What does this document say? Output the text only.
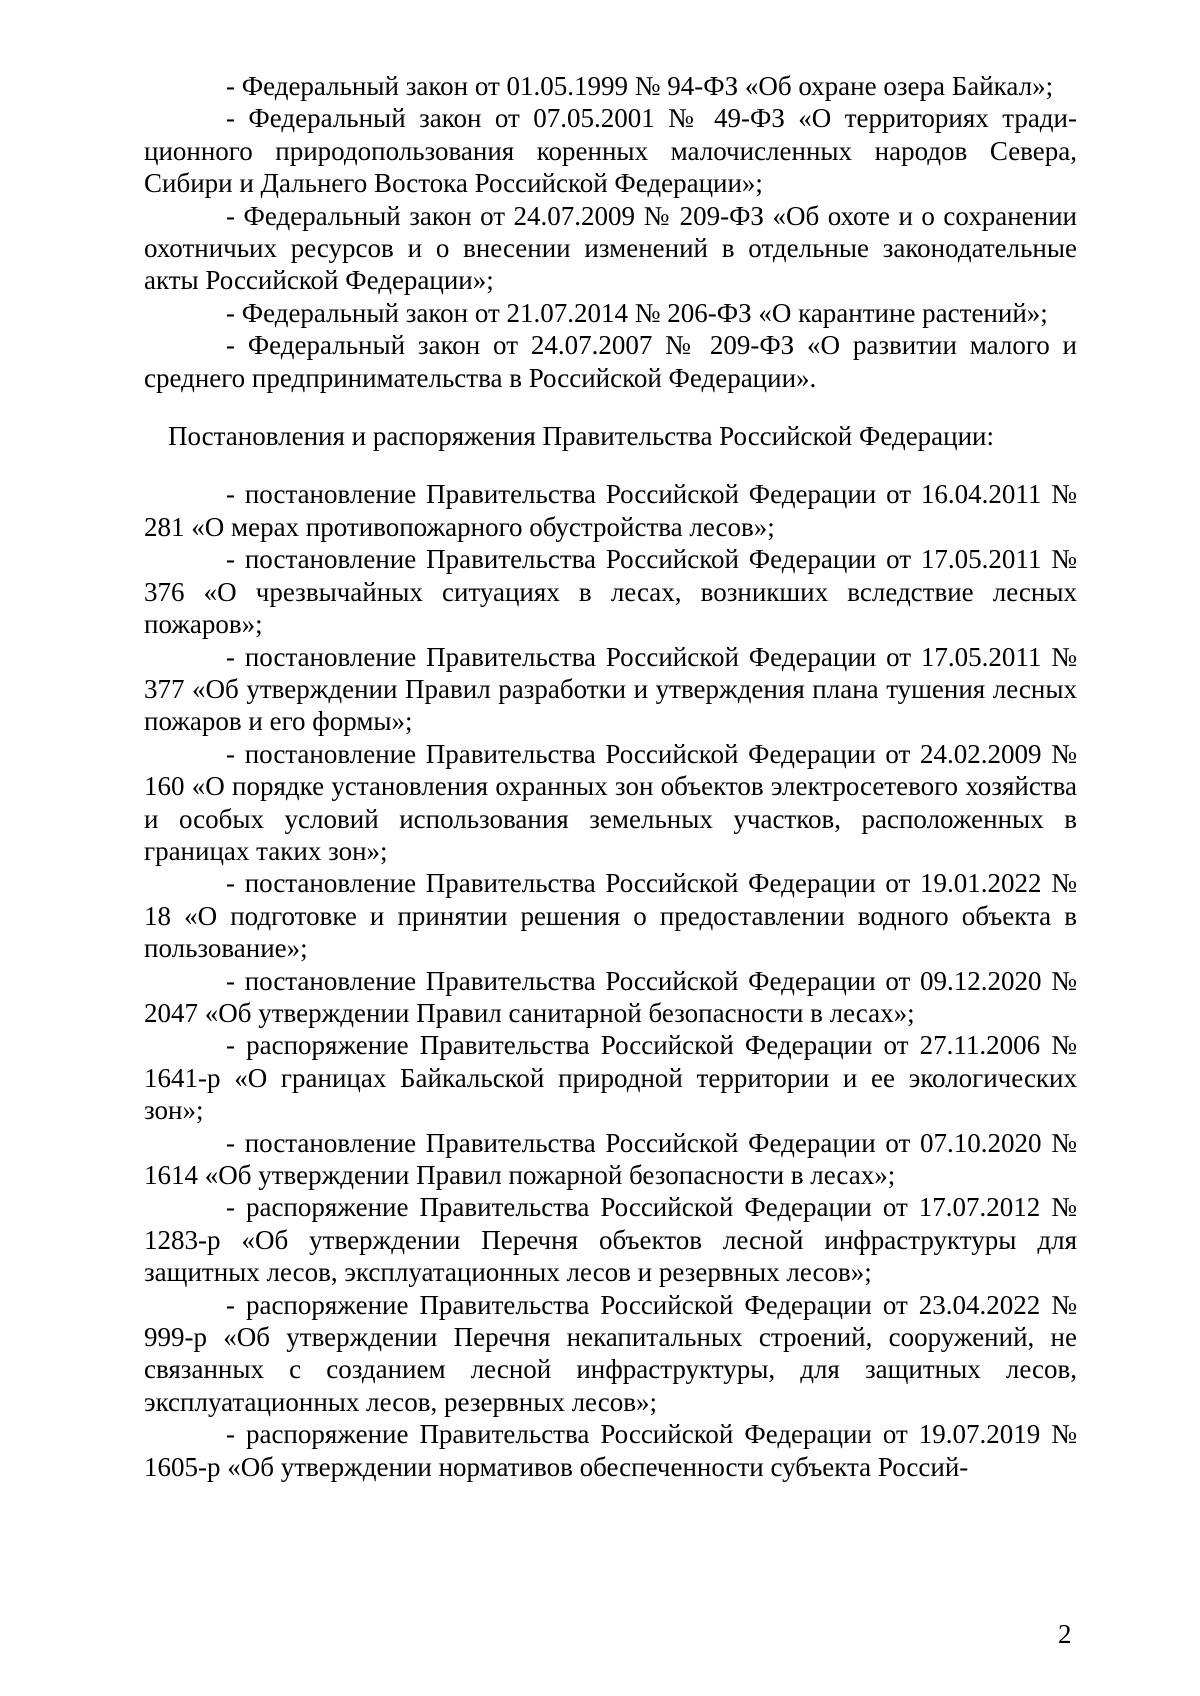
- Федеральный закон от 01.05.1999 № 94-ФЗ «Об охране озера Байкал»;

- Федеральный закон от 07.05.2001 № 49-ФЗ «О территориях традиционного природопользования коренных малочисленных народов Севера, Сибири и Дальнего Востока Российской Федерации»;

- Федеральный закон от 24.07.2009 № 209-ФЗ «Об охоте и о сохранении охотничьих ресурсов и о внесении изменений в отдельные законодательные акты Российской Федерации»;

- Федеральный закон от 21.07.2014 № 206-ФЗ «О карантине растений»;

- Федеральный закон от 24.07.2007 № 209-ФЗ «О развитии малого и среднего предпринимательства в Российской Федерации».

Постановления и распоряжения Правительства Российской Федерации:

- постановление Правительства Российской Федерации от 16.04.2011 № 281 «О мерах противопожарного обустройства лесов»;

- постановление Правительства Российской Федерации от 17.05.2011 № 376 «О чрезвычайных ситуациях в лесах, возникших вследствие лесных пожаров»;

- постановление Правительства Российской Федерации от 17.05.2011 № 377 «Об утверждении Правил разработки и утверждения плана тушения лесных пожаров и его формы»;

- постановление Правительства Российской Федерации от 24.02.2009 № 160 «О порядке установления охранных зон объектов электросетевого хозяйства и особых условий использования земельных участков, расположенных в границах таких зон»;

- постановление Правительства Российской Федерации от 19.01.2022 № 18 «О подготовке и принятии решения о предоставлении водного объекта в пользование»;

- постановление Правительства Российской Федерации от 09.12.2020 № 2047 «Об утверждении Правил санитарной безопасности в лесах»;

- распоряжение Правительства Российской Федерации от 27.11.2006 № 1641-р «О границах Байкальской природной территории и ее экологических зон»;

- постановление Правительства Российской Федерации от 07.10.2020 № 1614 «Об утверждении Правил пожарной безопасности в лесах»;

- распоряжение Правительства Российской Федерации от 17.07.2012 № 1283-р «Об утверждении Перечня объектов лесной инфраструктуры для защитных лесов, эксплуатационных лесов и резервных лесов»;

- распоряжение Правительства Российской Федерации от 23.04.2022 № 999-р «Об утверждении Перечня некапитальных строений, сооружений, не связанных с созданием лесной инфраструктуры, для защитных лесов, эксплуатационных лесов, резервных лесов»;

- распоряжение Правительства Российской Федерации от 19.07.2019 № 1605-р «Об утверждении нормативов обеспеченности субъекта Россий-

2
